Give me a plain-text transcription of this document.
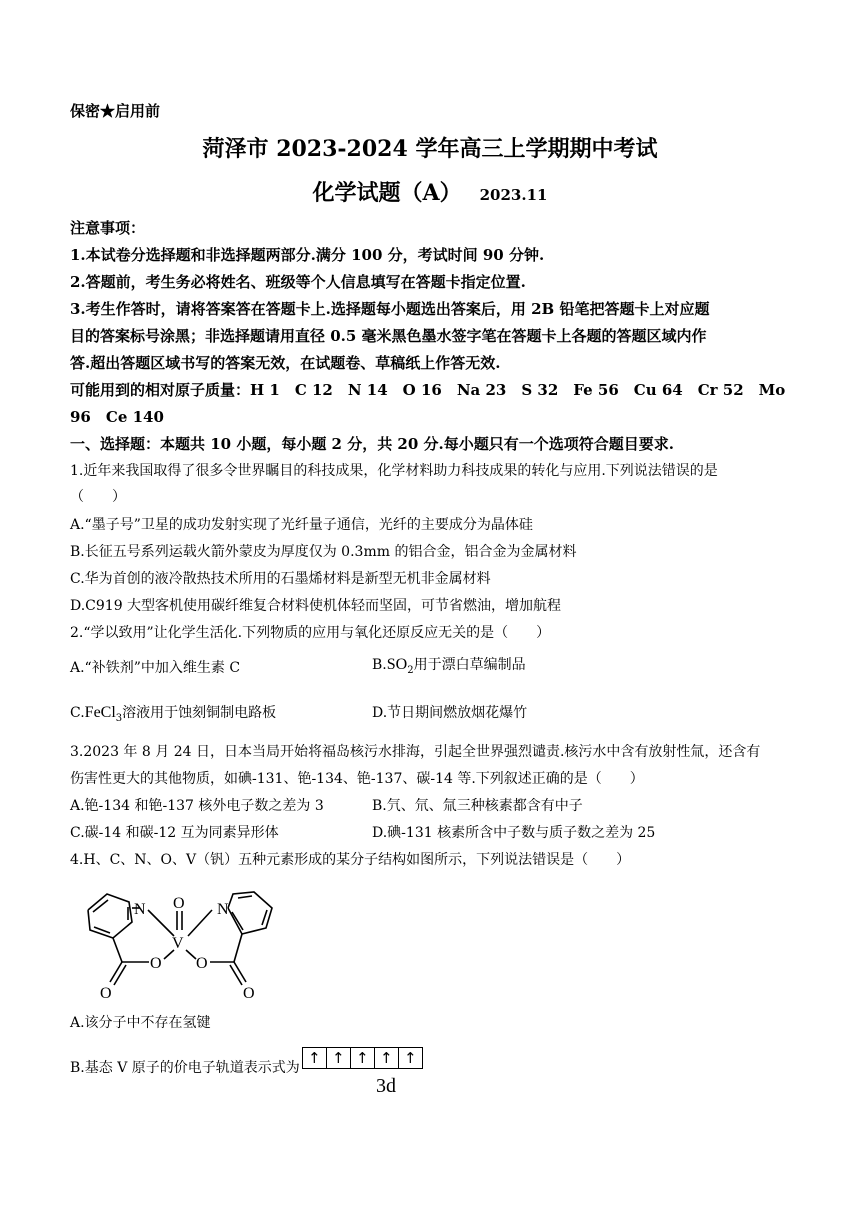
保密★启用前
菏泽市 2023-2024 学年高三上学期期中考试
化学试题（A） 2023.11
注意事项：
1.本试卷分选择题和非选择题两部分.满分 100 分，考试时间 90 分钟.
2.答题前，考生务必将姓名、班级等个人信息填写在答题卡指定位置.
3.考生作答时，请将答案答在答题卡上.选择题每小题选出答案后，用 2B 铅笔把答题卡上对应题
目的答案标号涂黑；非选择题请用直径 0.5 毫米黑色墨水签字笔在答题卡上各题的答题区域内作
答.超出答题区域书写的答案无效，在试题卷、草稿纸上作答无效.
可能用到的相对原子质量：H 1　C 12　N 14　O 16　Na 23　S 32　Fe 56　Cu 64　Cr 52　Mo
96　Ce 140
一、选择题：本题共 10 小题，每小题 2 分，共 20 分.每小题只有一个选项符合题目要求.
1.近年来我国取得了很多令世界瞩目的科技成果，化学材料助力科技成果的转化与应用.下列说法错误的是
（　　）
A.“墨子号”卫星的成功发射实现了光纤量子通信，光纤的主要成分为晶体硅
B.长征五号系列运载火箭外蒙皮为厚度仅为 0.3mm 的铝合金，铝合金为金属材料
C.华为首创的液冷散热技术所用的石墨烯材料是新型无机非金属材料
D.C919 大型客机使用碳纤维复合材料使机体轻而坚固，可节省燃油，增加航程
2.“学以致用”让化学生活化.下列物质的应用与氧化还原反应无关的是（　　）
A.“补铁剂”中加入维生素 C	$B.SO_2$用于漂白草编制品
C.FeCl$_3$溶液用于蚀刻铜制电路板	D.节日期间燃放烟花爆竹
3.2023 年 8 月 24 日，日本当局开始将福岛核污水排海，引起全世界强烈谴责.核污水中含有放射性氚，还含有
伤害性更大的其他物质，如碘-131、铯-134、铯-137、碳-14 等.下列叙述正确的是（　　）
A.铯-134 和铯-137 核外电子数之差为 3	B.氕、氘、氚三种核素都含有中子
C.碳-14 和碳-12 互为同素异形体	D.碘-131 核素所含中子数与质子数之差为 25
4.H、C、N、O、V（钒）五种元素形成的某分子结构如图所示，下列说法错误是（　　）
N	N
O
V
O O
O	O
A.该分子中不存在氢键
B.基态 V 原子的价电子轨道表示式为↑ ↑ ↑ ↑ ↑
3d
